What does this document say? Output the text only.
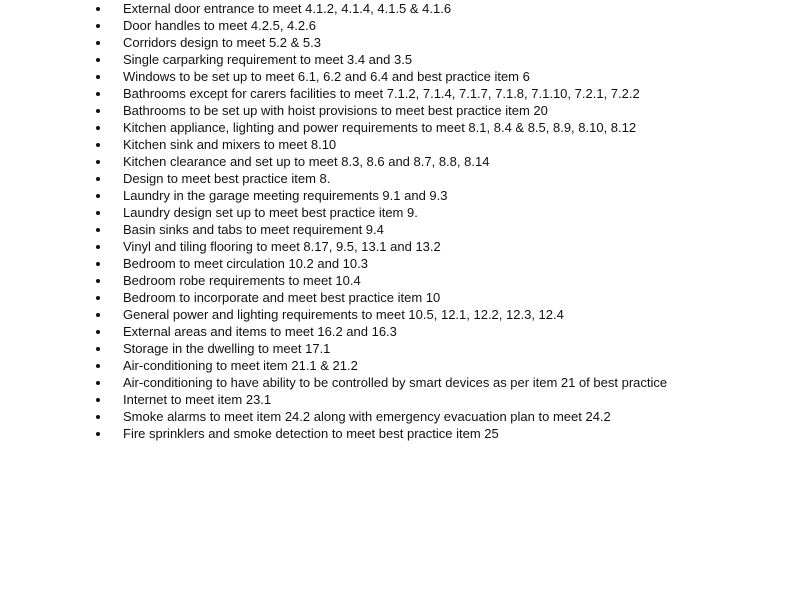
External door entrance to meet 4.1.2, 4.1.4, 4.1.5 & 4.1.6
Door handles to meet 4.2.5, 4.2.6
Corridors design to meet 5.2 & 5.3
Single carparking requirement to meet 3.4 and 3.5
Windows to be set up to meet 6.1, 6.2 and 6.4 and best practice item 6
Bathrooms except for carers facilities to meet 7.1.2, 7.1.4, 7.1.7, 7.1.8, 7.1.10, 7.2.1, 7.2.2
Bathrooms to be set up with hoist provisions to meet best practice item 20
Kitchen appliance, lighting and power requirements to meet 8.1, 8.4 & 8.5, 8.9, 8.10, 8.12
Kitchen sink and mixers to meet 8.10
Kitchen clearance and set up to meet 8.3, 8.6 and 8.7, 8.8, 8.14
Design to meet best practice item 8.
Laundry in the garage meeting requirements 9.1 and 9.3
Laundry design set up to meet best practice item 9.
Basin sinks and tabs to meet requirement 9.4
Vinyl and tiling flooring to meet 8.17, 9.5, 13.1 and 13.2
Bedroom to meet circulation 10.2 and 10.3
Bedroom robe requirements to meet 10.4
Bedroom to incorporate and meet best practice item 10
General power and lighting requirements to meet 10.5, 12.1, 12.2, 12.3, 12.4
External areas and items to meet 16.2 and 16.3
Storage in the dwelling to meet 17.1
Air-conditioning to meet item 21.1 & 21.2
Air-conditioning to have ability to be controlled by smart devices as per item 21 of best practice
Internet to meet item 23.1
Smoke alarms to meet item 24.2 along with emergency evacuation plan to meet 24.2
Fire sprinklers and smoke detection to meet best practice item 25
